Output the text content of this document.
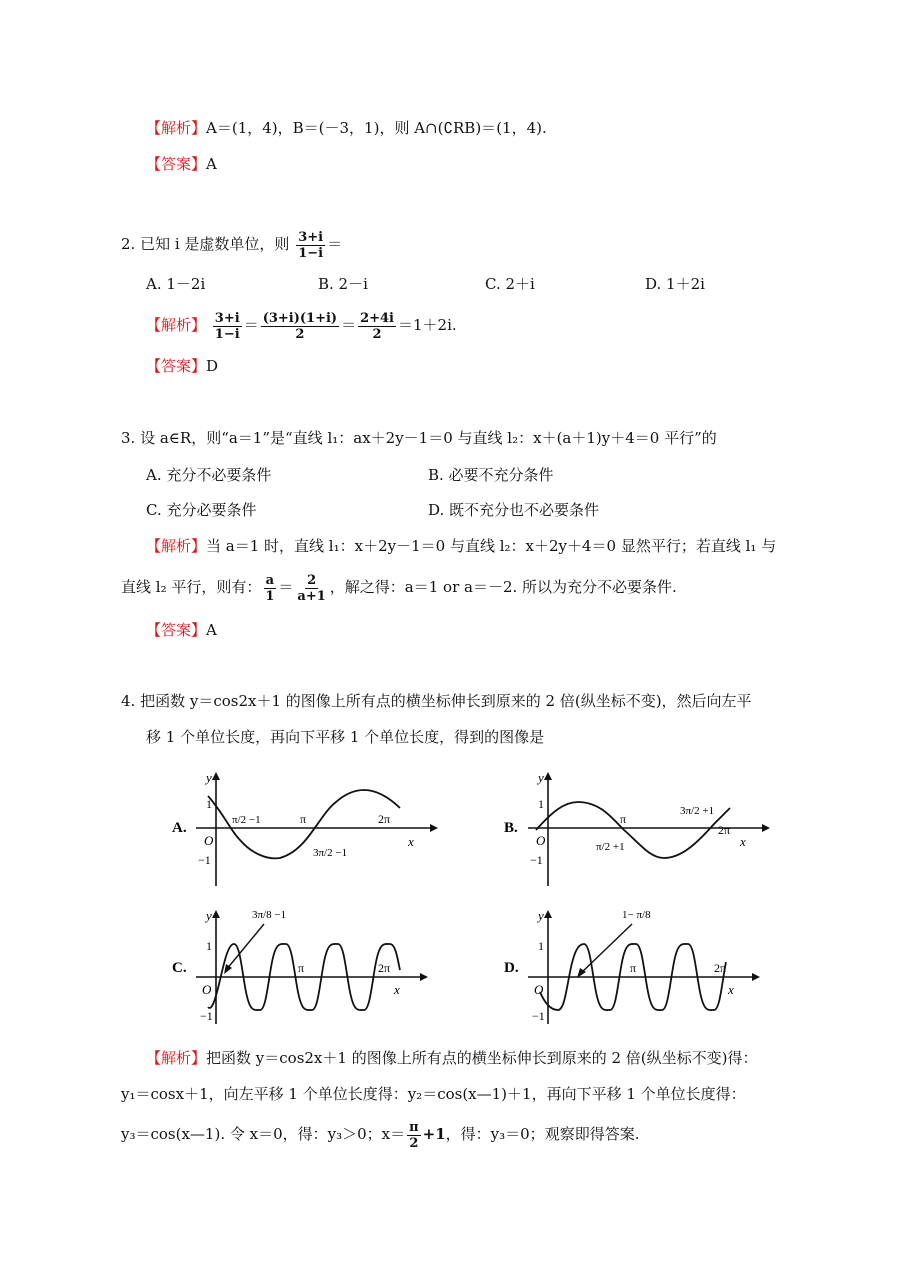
【解析】A＝(1，4)，B＝(－3，1)，则 A∩(∁RB)＝(1，4).
【答案】A
2. 已知 i 是虚数单位，则 $\frac{3+i}{1-i}$ ＝
A. 1－2i	B. 2－i	C. 2＋i	D. 1＋2i
【解析】 $\frac{3+i}{1-i} = \frac{(3+i)(1+i)}{2} = \frac{2+4i}{2} =1+2i$.
【答案】D
3. 设 a∈R，则“a＝1”是“直线 l₁：ax＋2y－1＝0 与直线 l₂：x＋(a＋1)y＋4＝0 平行”的
A. 充分不必要条件	B. 必要不充分条件
C. 充分必要条件	D. 既不充分也不必要条件
【解析】当 a＝1 时，直线 l₁：x＋2y－1＝0 与直线 l₂：x＋2y＋4＝0 显然平行；若直线 l₁ 与
直线 l₂ 平行，则有： $\frac{a}{1} = \frac{2}{a+1}$ ，解之得：a＝1 or a＝－2. 所以为充分不必要条件.
【答案】A
4. 把函数 y＝cos2x＋1 的图像上所有点的横坐标伸长到原来的 2 倍(纵坐标不变)，然后向左平
移 1 个单位长度，再向下平移 1 个单位长度，得到的图像是
A.
y
x
O
1
−1
π	2π
π/2 −1
3π/2 −1
B.
y
x
O
1
−1
π
2π
π/2 +1
3π/2 +1
C.
y
x
O
1
−1
π	2π
3π/8 −1
D.
y
x
O
1
−1
π	2π
1− π/8
【解析】把函数 y＝cos2x＋1 的图像上所有点的横坐标伸长到原来的 2 倍(纵坐标不变)得：
y₁＝cosx＋1，向左平移 1 个单位长度得：y₂＝cos(x—1)＋1，再向下平移 1 个单位长度得：
y₃＝cos(x—1). 令 x＝0，得：y₃＞0；$x= \frac{\pi}{2} +1$，得：y₃＝0；观察即得答案.
